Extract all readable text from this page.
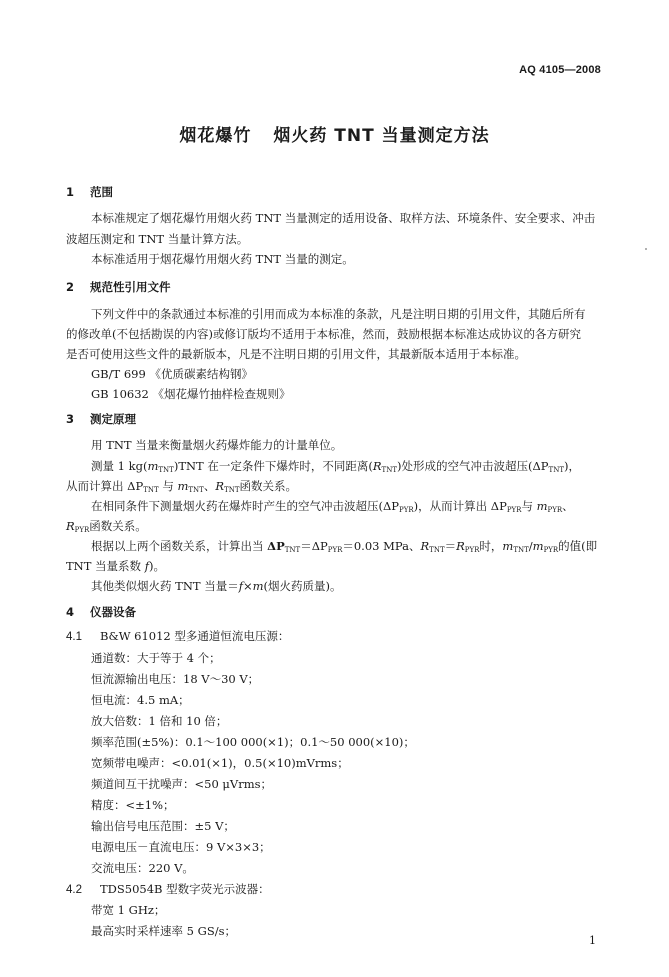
AQ 4105—2008
烟花爆竹 烟火药 TNT 当量测定方法
1 范围
本标准规定了烟花爆竹用烟火药 TNT 当量测定的适用设备、取样方法、环境条件、安全要求、冲击
波超压测定和 TNT 当量计算方法。
本标准适用于烟花爆竹用烟火药 TNT 当量的测定。
2 规范性引用文件
下列文件中的条款通过本标准的引用而成为本标准的条款，凡是注明日期的引用文件，其随后所有
的修改单(不包括勘误的内容)或修订版均不适用于本标准，然而，鼓励根据本标准达成协议的各方研究
是否可使用这些文件的最新版本，凡是不注明日期的引用文件，其最新版本适用于本标准。
GB/T 699 《优质碳素结构钢》
GB 10632 《烟花爆竹抽样检查规则》
3 测定原理
用 TNT 当量来衡量烟火药爆炸能力的计量单位。
测量 1 $kg(m_{TNT})TNT$ 在一定条件下爆炸时，不同距离$(R_{TNT})$处形成的空气冲击波超压$(\Delta P_{TNT})$，
从而计算出 $\Delta P_{TNT}$ 与 $m_{TNT}$、$R_{TNT}$函数关系。
在相同条件下测量烟火药在爆炸时产生的空气冲击波超压$(\Delta P_{PYR})$，从而计算出 $\Delta P_{PYR}$与 $m_{PYR}$、
$R_{PYR}$函数关系。
根据以上两个函数关系，计算出当 $\Delta P_{TNT}=\Delta P_{PYR}=0.03$ MPa、$R_{TNT}=R_{PYR}$时，$m_{TNT}/m_{PYR}$的值(即
TNT 当量系数 f)。
其他类似烟火药 TNT 当量＝f×m(烟火药质量)。
4 仪器设备
4.1 B&W 61012 型多通道恒流电压源：
通道数：大于等于 4 个；
恒流源输出电压：18 V～30 V；
恒电流：4.5 mA；
放大倍数：1 倍和 10 倍；
频率范围(±5%)：0.1～100 000(×1)；0.1～50 000(×10)；
宽频带电噪声：<0.01(×1)，0.5(×10)mVrms；
频道间互干扰噪声：<50 μVrms；
精度：<±1%；
输出信号电压范围：±5 V；
电源电压－直流电压：9 V×3×3；
交流电压：220 V。
4.2 TDS5054B 型数字荧光示波器：
带宽 1 GHz；
最高实时采样速率 5 GS/s；
1
